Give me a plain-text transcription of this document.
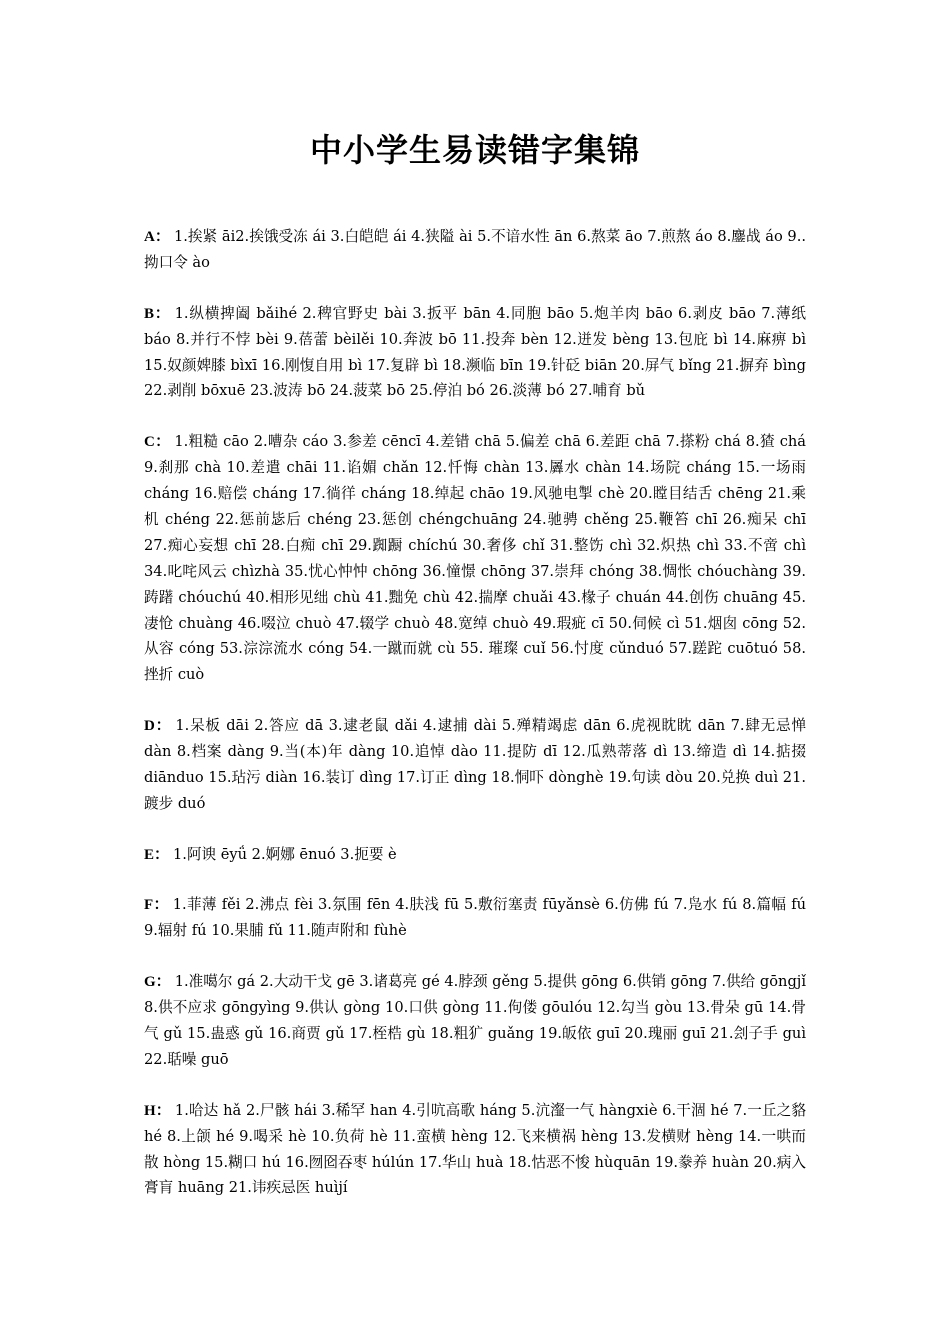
中小学生易读错字集锦

A： 1.挨紧 āi2.挨饿受冻 ái 3.白皑皑 ái 4.狭隘 ài 5.不谙水性 ān 6.熬菜 āo 7.煎熬 áo 8.鏖战 áo 9..拗口令 ào

B： 1.纵横捭阖 bǎihé 2.稗官野史 bài 3.扳平 bān 4.同胞 bāo 5.炮羊肉 bāo 6.剥皮 bāo 7.薄纸 báo 8.并行不悖 bèi 9.蓓蕾 bèilěi 10.奔波 bō 11.投奔 bèn 12.迸发 bèng 13.包庇 bì 14.麻痹 bì 15.奴颜婢膝 bìxī 16.刚愎自用 bì 17.复辟 bì 18.濒临 bīn 19.针砭 biān 20.屏气 bǐng 21.摒弃 bìng 22.剥削 bōxuē 23.波涛 bō 24.菠菜 bō 25.停泊 bó 26.淡薄 bó 27.哺育 bǔ

C： 1.粗糙 cāo 2.嘈杂 cáo 3.参差 cēncī 4.差错 chā 5.偏差 chā 6.差距 chā 7.搽粉 chá 8.猹 chá 9.刹那 chà 10.差遣 chāi 11.谄媚 chǎn 12.忏悔 chàn 13.羼水 chàn 14.场院 cháng 15.一场雨 cháng 16.赔偿 cháng 17.徜徉 cháng 18.绰起 chāo 19.风驰电掣 chè 20.瞠目结舌 chēng 21.乘机 chéng 22.惩前毖后 chéng 23.惩创 chéngchuāng 24.驰骋 chěng 25.鞭笞 chī 26.痴呆 chī 27.痴心妄想 chī 28.白痴 chī 29.踟蹰 chíchú 30.奢侈 chǐ 31.整饬 chì 32.炽热 chì 33.不啻 chì 34.叱咤风云 chìzhà 35.忧心忡忡 chōng 36.憧憬 chōng 37.崇拜 chóng 38.惆怅 chóuchàng 39.踌躇 chóuchú 40.相形见绌 chù 41.黜免 chù 42.揣摩 chuǎi 43.椽子 chuán 44.创伤 chuāng 45.凄怆 chuàng 46.啜泣 chuò 47.辍学 chuò 48.宽绰 chuò 49.瑕疵 cī 50.伺候 cì 51.烟囱 cōng 52.从容 cóng 53.淙淙流水 cóng 54.一蹴而就 cù 55. 璀璨 cuǐ 56.忖度 cǔnduó 57.蹉跎 cuōtuó 58.挫折 cuò

D： 1.呆板 dāi 2.答应 dā 3.逮老鼠 dǎi 4.逮捕 dài 5.殚精竭虑 dān 6.虎视眈眈 dān 7.肆无忌惮 dàn 8.档案 dàng 9.当(本)年 dàng 10.追悼 dào 11.提防 dī 12.瓜熟蒂落 dì 13.缔造 dì 14.掂掇 diānduo 15.玷污 diàn 16.装订 dìng 17.订正 dìng 18.恫吓 dònghè 19.句读 dòu 20.兑换 duì 21.踱步 duó

E： 1.阿谀 ēyǘ 2.婀娜 ēnuó 3.扼要 è

F： 1.菲薄 fěi 2.沸点 fèi 3.氛围 fēn 4.肤浅 fū 5.敷衍塞责 fūyǎnsè 6.仿佛 fú 7.凫水 fú 8.篇幅 fú 9.辐射 fú 10.果脯 fǔ 11.随声附和 fùhè

G： 1.准噶尔 gá 2.大动干戈 gē 3.诸葛亮 gé 4.脖颈 gěng 5.提供 gōng 6.供销 gōng 7.供给 gōngjǐ 8.供不应求 gōngyìng 9.供认 gòng 10.口供 gòng 11.佝偻 gōulóu 12.勾当 gòu 13.骨朵 gū 14.骨气 gǔ 15.蛊惑 gǔ 16.商贾 gǔ 17.桎梏 gù 18.粗犷 guǎng 19.皈依 guī 20.瑰丽 guī 21.刽子手 guì 22.聒噪 guō

H： 1.哈达 hǎ 2.尸骸 hái 3.稀罕 han 4.引吭高歌 háng 5.沆瀣一气 hàngxiè 6.干涸 hé 7.一丘之貉 hé 8.上颌 hé 9.喝采 hè 10.负荷 hè 11.蛮横 hèng 12.飞来横祸 hèng 13.发横财 hèng 14.一哄而散 hòng 15.糊口 hú 16.囫囵吞枣 húlún 17.华山 huà 18.怙恶不悛 hùquān 19.豢养 huàn 20.病入膏肓 huāng 21.讳疾忌医 huìjí
